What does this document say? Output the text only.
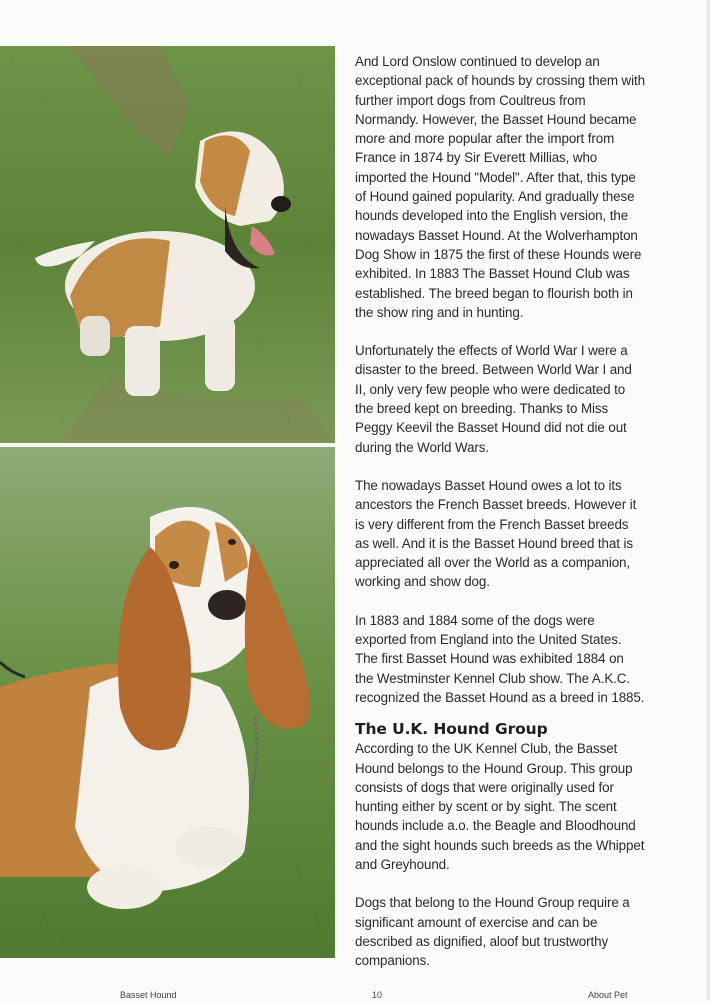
And Lord Onslow continued to develop an exceptional pack of hounds by crossing them with further import dogs from Coultreus from Normandy. However, the Basset Hound became more and more popular after the import from France in 1874 by Sir Everett Millias, who imported the Hound "Model". After that, this type of Hound gained popularity. And gradually these hounds developed into the English version, the nowadays Basset Hound. At the Wolverhampton Dog Show in 1875 the first of these Hounds were exhibited. In 1883 The Basset Hound Club was established. The breed began to flourish both in the show ring and in hunting.

Unfortunately the effects of World War I were a disaster to the breed. Between World War I and II, only very few people who were dedicated to the breed kept on breeding. Thanks to Miss Peggy Keevil the Basset Hound did not die out during the World Wars.

The nowadays Basset Hound owes a lot to its ancestors the French Basset breeds. However it is very different from the French Basset breeds as well. And it is the Basset Hound breed that is appreciated all over the World as a companion, working and show dog.

In 1883 and 1884 some of the dogs were exported from England into the United States. The first Basset Hound was exhibited 1884 on the Westminster Kennel Club show. The A.K.C. recognized the Basset Hound as a breed in 1885.

The U.K. Hound Group

According to the UK Kennel Club, the Basset Hound belongs to the Hound Group. This group consists of dogs that were originally used for hunting either by scent or by sight. The scent hounds include a.o. the Beagle and Bloodhound and the sight hounds such breeds as the Whippet and Greyhound.

Dogs that belong to the Hound Group require a significant amount of exercise and can be described as dignified, aloof but trustworthy companions.

Basset Hound	10	About Pet
